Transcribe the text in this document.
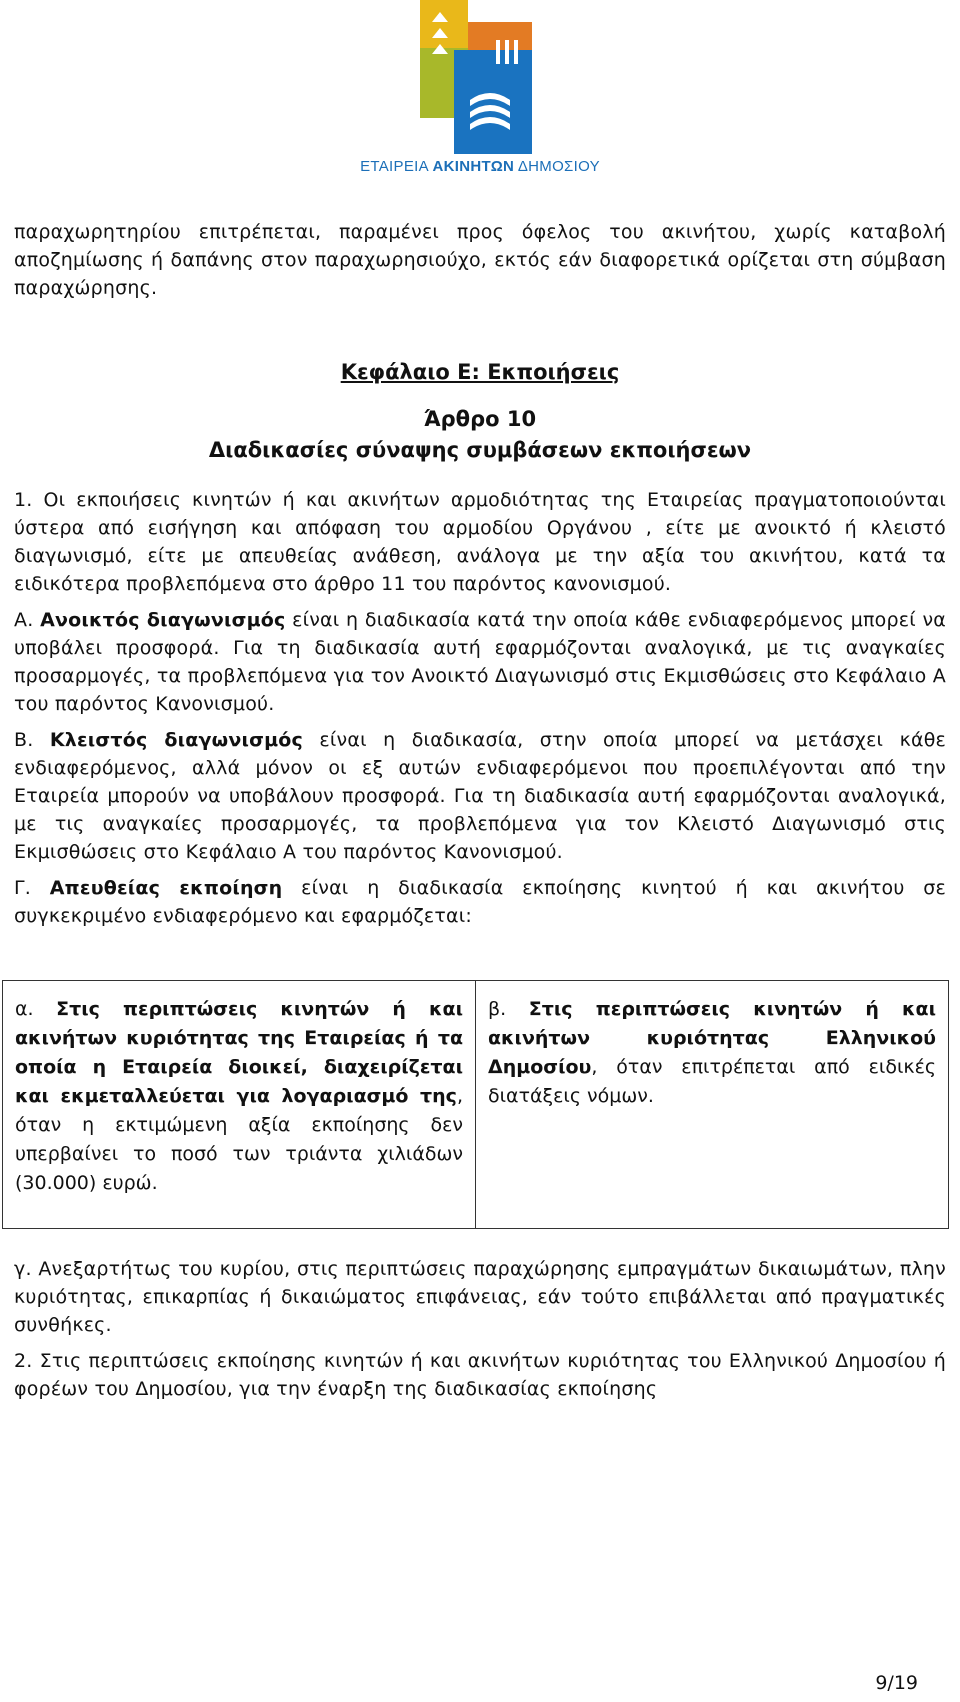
ΕΤΑΙΡΕΙΑ ΑΚΙΝΗΤΩΝ ΔΗΜΟΣΙΟΥ

παραχωρητηρίου επιτρέπεται, παραμένει προς όφελος του ακινήτου, χωρίς καταβολή αποζημίωσης ή δαπάνης στον παραχωρησιούχο, εκτός εάν διαφορετικά ορίζεται στη σύμβαση παραχώρησης.

Κεφάλαιο Ε: Εκποιήσεις
Άρθρο 10
Διαδικασίες σύναψης συμβάσεων εκποιήσεων

1. Οι εκποιήσεις κινητών ή και ακινήτων αρμοδιότητας της Εταιρείας πραγματοποιούνται ύστερα από εισήγηση και απόφαση του αρμοδίου Οργάνου , είτε με ανοικτό ή κλειστό διαγωνισμό, είτε με απευθείας ανάθεση, ανάλογα με την αξία του ακινήτου, κατά τα ειδικότερα προβλεπόμενα στο άρθρο 11 του παρόντος κανονισμού.

Α. Ανοικτός διαγωνισμός είναι η διαδικασία κατά την οποία κάθε ενδιαφερόμενος μπορεί να υποβάλει προσφορά. Για τη διαδικασία αυτή εφαρμόζονται αναλογικά, με τις αναγκαίες προσαρμογές, τα προβλεπόμενα για τον Ανοικτό Διαγωνισμό στις Εκμισθώσεις στο Κεφάλαιο Α του παρόντος Κανονισμού.

Β. Κλειστός διαγωνισμός είναι η διαδικασία, στην οποία μπορεί να μετάσχει κάθε ενδιαφερόμενος, αλλά μόνον οι εξ αυτών ενδιαφερόμενοι που προεπιλέγονται από την Εταιρεία μπορούν να υποβάλουν προσφορά. Για τη διαδικασία αυτή εφαρμόζονται αναλογικά, με τις αναγκαίες προσαρμογές, τα προβλεπόμενα για τον Κλειστό Διαγωνισμό στις Εκμισθώσεις στο Κεφάλαιο Α του παρόντος Κανονισμού.

Γ. Απευθείας εκποίηση είναι η διαδικασία εκποίησης κινητού ή και ακινήτου σε συγκεκριμένο ενδιαφερόμενο και εφαρμόζεται:

α. Στις περιπτώσεις κινητών ή και ακινήτων κυριότητας της Εταιρείας ή τα οποία η Εταιρεία διοικεί, διαχειρίζεται και εκμεταλλεύεται για λογαριασμό της, όταν η εκτιμώμενη αξία εκποίησης δεν υπερβαίνει το ποσό των τριάντα χιλιάδων (30.000) ευρώ.	β. Στις περιπτώσεις κινητών ή και ακινήτων κυριότητας Ελληνικού Δημοσίου, όταν επιτρέπεται από ειδικές διατάξεις νόμων.

γ. Ανεξαρτήτως του κυρίου, στις περιπτώσεις παραχώρησης εμπραγμάτων δικαιωμάτων, πλην κυριότητας, επικαρπίας ή δικαιώματος επιφάνειας, εάν τούτο επιβάλλεται από πραγματικές συνθήκες.

2. Στις περιπτώσεις εκποίησης κινητών ή και ακινήτων κυριότητας του Ελληνικού Δημοσίου ή φορέων του Δημοσίου, για την έναρξη της διαδικασίας εκποίησης

9/19
